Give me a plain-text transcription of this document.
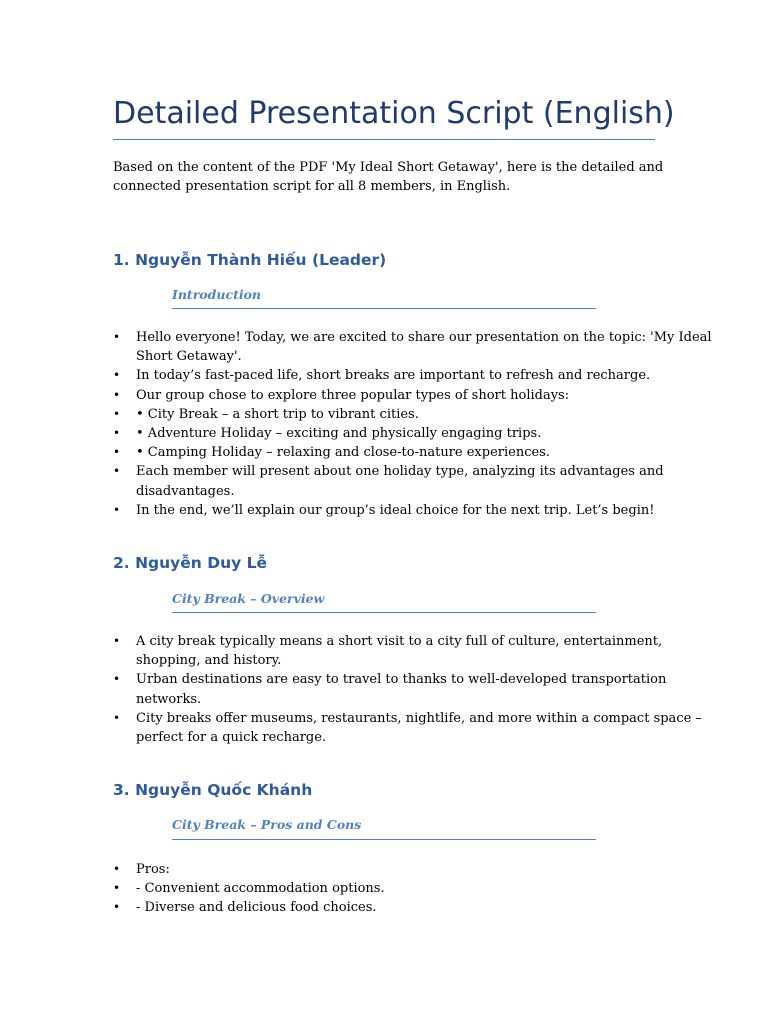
Detailed Presentation Script (English)

Based on the content of the PDF 'My Ideal Short Getaway', here is the detailed and
connected presentation script for all 8 members, in English.

1. Nguyễn Thành Hiếu (Leader)
Introduction
• Hello everyone! Today, we are excited to share our presentation on the topic: 'My Ideal
Short Getaway'.
• In today’s fast-paced life, short breaks are important to refresh and recharge.
• Our group chose to explore three popular types of short holidays:
• • City Break – a short trip to vibrant cities.
• • Adventure Holiday – exciting and physically engaging trips.
• • Camping Holiday – relaxing and close-to-nature experiences.
• Each member will present about one holiday type, analyzing its advantages and
disadvantages.
• In the end, we’ll explain our group’s ideal choice for the next trip. Let’s begin!
2. Nguyễn Duy Lễ
City Break – Overview
• A city break typically means a short visit to a city full of culture, entertainment,
shopping, and history.
• Urban destinations are easy to travel to thanks to well-developed transportation
networks.
• City breaks offer museums, restaurants, nightlife, and more within a compact space –
perfect for a quick recharge.
3. Nguyễn Quốc Khánh
City Break – Pros and Cons
• Pros:
• - Convenient accommodation options.
• - Diverse and delicious food choices.
